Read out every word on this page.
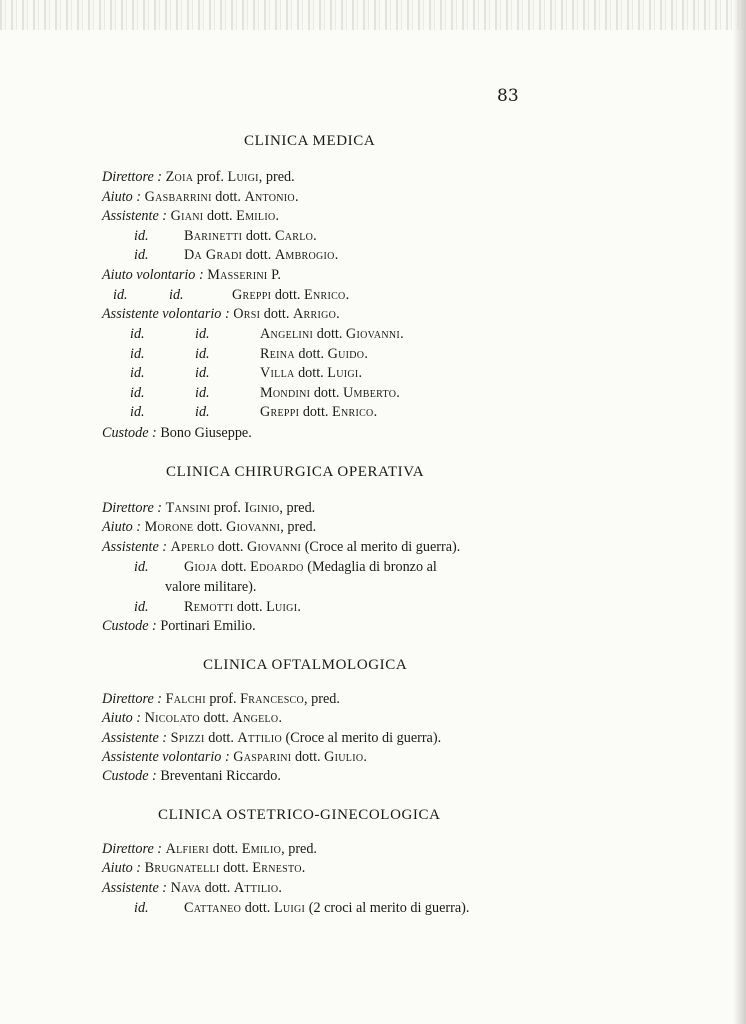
83
CLINICA MEDICA
Direttore : Zoia prof. Luigi, pred.
Aiuto : Gasbarrini dott. Antonio.
Assistente : Giani dott. Emilio.
id. Barinetti dott. Carlo.
id. Da Gradi dott. Ambrogio.
Aiuto volontario : Masserini P.
id.	id.	Greppi dott. Enrico.
Assistente volontario : Orsi dott. Arrigo.
id.	id.	Angelini dott. Giovanni.
id.	id.	Reina dott. Guido.
id.	id.	Villa dott. Luigi.
id.	id.	Mondini dott. Umberto.
id.	id.	Greppi dott. Enrico.
Custode : Bono Giuseppe.
CLINICA CHIRURGICA OPERATIVA
Direttore : Tansini prof. Iginio, pred.
Aiuto : Morone dott. Giovanni, pred.
Assistente : Aperlo dott. Giovanni (Croce al merito di guerra).
id. Gioja dott. Edoardo (Medaglia di bronzo al
valore militare).
id. Remotti dott. Luigi.
Custode : Portinari Emilio.
CLINICA OFTALMOLOGICA
Direttore : Falchi prof. Francesco, pred.
Aiuto : Nicolato dott. Angelo.
Assistente : Spizzi dott. Attilio (Croce al merito di guerra).
Assistente volontario : Gasparini dott. Giulio.
Custode : Breventani Riccardo.
CLINICA OSTETRICO-GINECOLOGICA
Direttore : Alfieri dott. Emilio, pred.
Aiuto : Brugnatelli dott. Ernesto.
Assistente : Nava dott. Attilio.
id. Cattaneo dott. Luigi (2 croci al merito di guerra).
